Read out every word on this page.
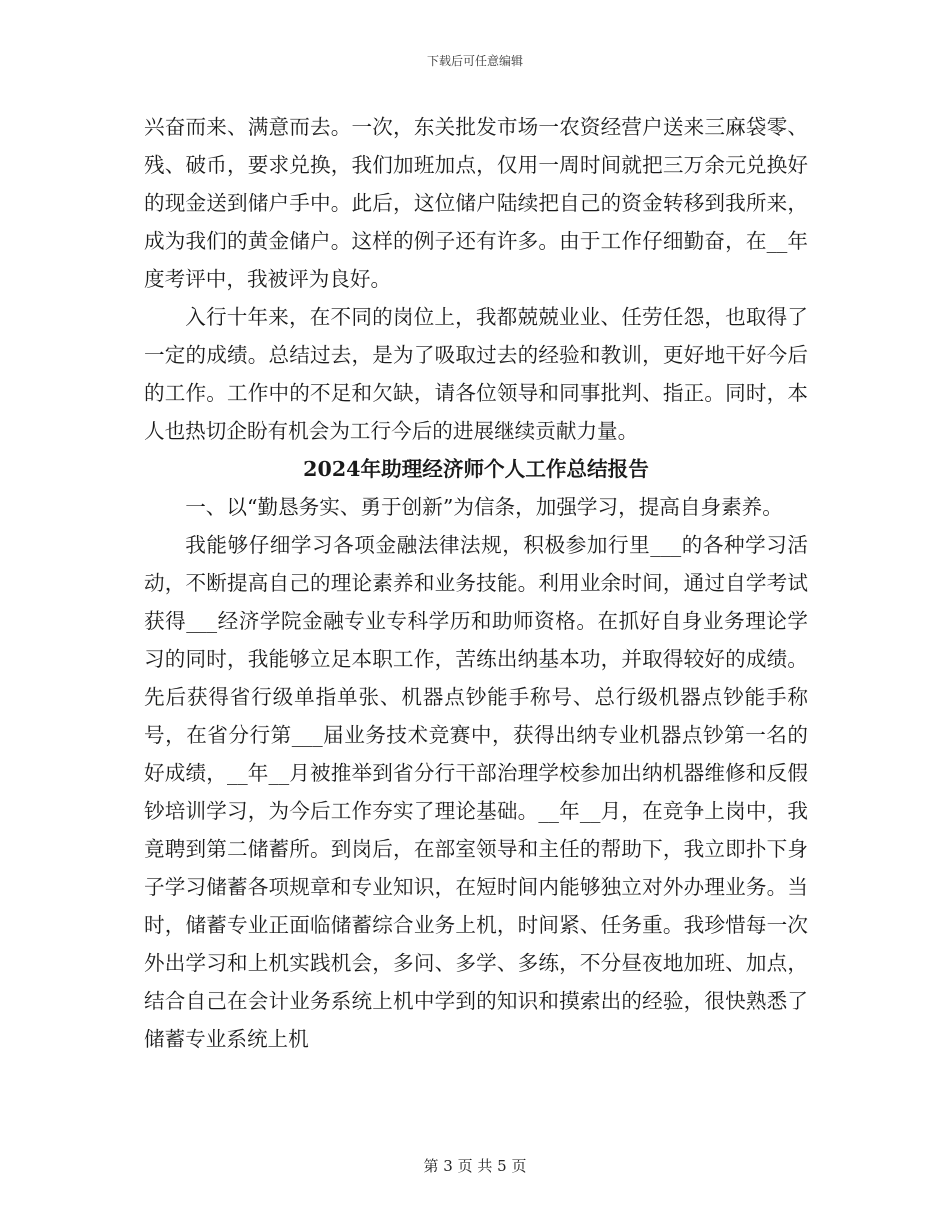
下载后可任意编辑

兴奋而来、满意而去。一次，东关批发市场一农资经营户送来三麻袋零、残、破币，要求兑换，我们加班加点，仅用一周时间就把三万余元兑换好的现金送到储户手中。此后，这位储户陆续把自己的资金转移到我所来，成为我们的黄金储户。这样的例子还有许多。由于工作仔细勤奋，在__年度考评中，我被评为良好。

入行十年来，在不同的岗位上，我都兢兢业业、任劳任怨，也取得了一定的成绩。总结过去，是为了吸取过去的经验和教训，更好地干好今后的工作。工作中的不足和欠缺，请各位领导和同事批判、指正。同时，本人也热切企盼有机会为工行今后的进展继续贡献力量。

2024年助理经济师个人工作总结报告

一、以“勤恳务实、勇于创新”为信条，加强学习，提高自身素养。

我能够仔细学习各项金融法律法规，积极参加行里___的各种学习活动，不断提高自己的理论素养和业务技能。利用业余时间，通过自学考试获得___经济学院金融专业专科学历和助师资格。在抓好自身业务理论学习的同时，我能够立足本职工作，苦练出纳基本功，并取得较好的成绩。先后获得省行级单指单张、机器点钞能手称号、总行级机器点钞能手称号，在省分行第___届业务技术竞赛中，获得出纳专业机器点钞第一名的好成绩，__年__月被推举到省分行干部治理学校参加出纳机器维修和反假钞培训学习，为今后工作夯实了理论基础。__年__月，在竞争上岗中，我竟聘到第二储蓄所。到岗后，在部室领导和主任的帮助下，我立即扑下身子学习储蓄各项规章和专业知识，在短时间内能够独立对外办理业务。当时，储蓄专业正面临储蓄综合业务上机，时间紧、任务重。我珍惜每一次外出学习和上机实践机会，多问、多学、多练，不分昼夜地加班、加点，结合自己在会计业务系统上机中学到的知识和摸索出的经验，很快熟悉了储蓄专业系统上机

第 3 页 共 5 页
